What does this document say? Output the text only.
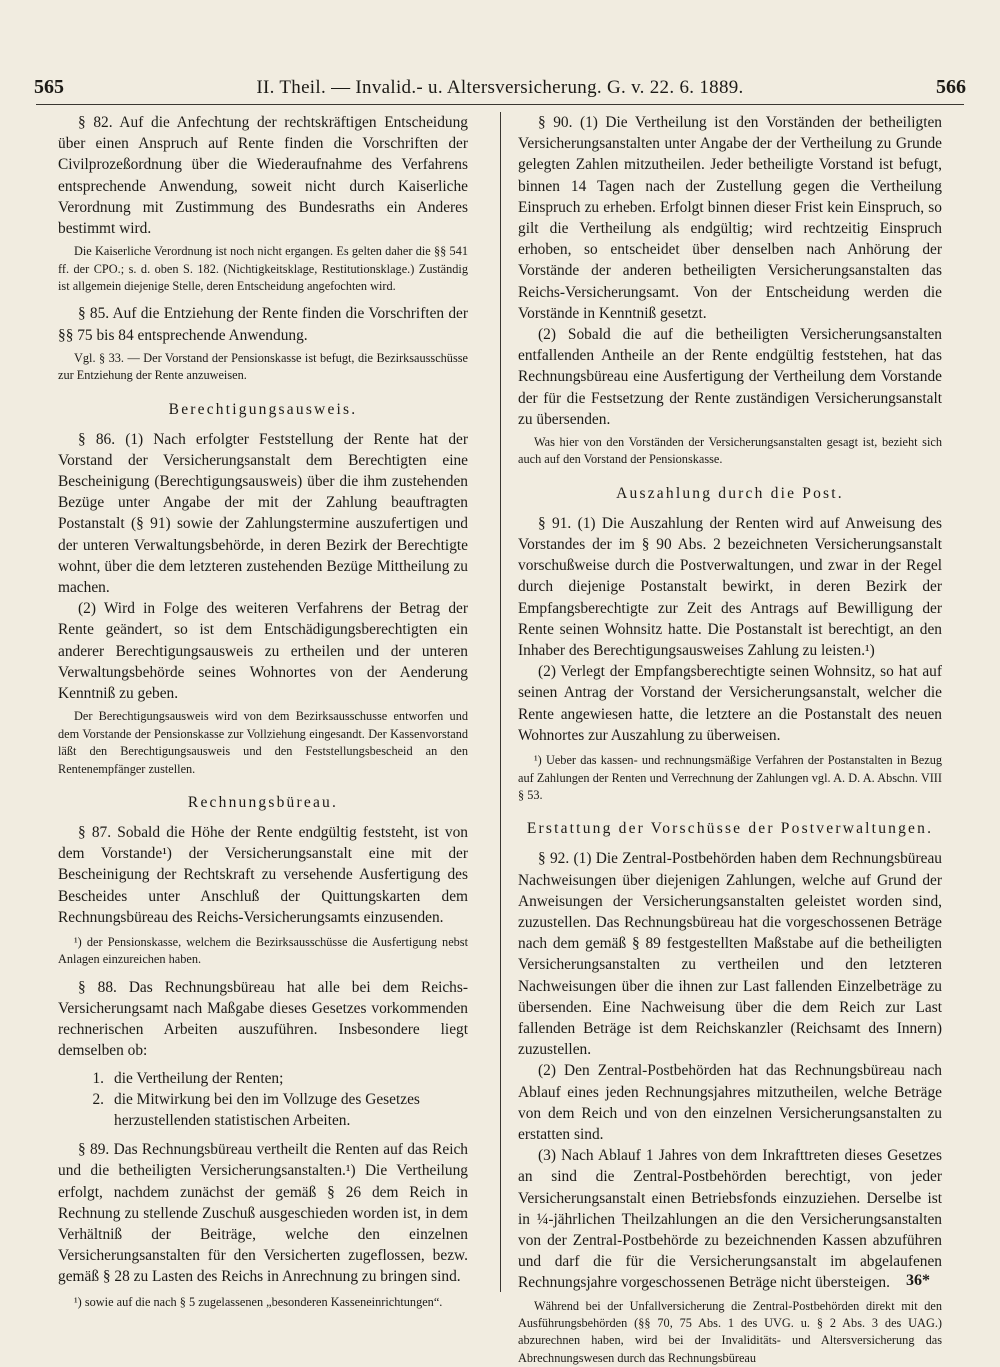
565	II. Theil. — Invalid.- u. Altersversicherung. G. v. 22. 6. 1889.	566

§ 82. Auf die Anfechtung der rechtskräftigen Entscheidung über einen Anspruch auf Rente finden die Vorschriften der Civilprozeßordnung über die Wiederaufnahme des Verfahrens entsprechende Anwendung, soweit nicht durch Kaiserliche Verordnung mit Zustimmung des Bundesraths ein Anderes bestimmt wird.

Die Kaiserliche Verordnung ist noch nicht ergangen. Es gelten daher die §§ 541 ff. der CPO.; s. d. oben S. 182. (Nichtigkeitsklage, Restitutionsklage.) Zuständig ist allgemein diejenige Stelle, deren Entscheidung angefochten wird.

§ 85. Auf die Entziehung der Rente finden die Vorschriften der §§ 75 bis 84 entsprechende Anwendung.

Vgl. § 33. — Der Vorstand der Pensionskasse ist befugt, die Bezirksausschüsse zur Entziehung der Rente anzuweisen.

Berechtigungsausweis.

§ 86. (1) Nach erfolgter Feststellung der Rente hat der Vorstand der Versicherungsanstalt dem Berechtigten eine Bescheinigung (Berechtigungsausweis) über die ihm zustehenden Bezüge unter Angabe der mit der Zahlung beauftragten Postanstalt (§ 91) sowie der Zahlungstermine auszufertigen und der unteren Verwaltungsbehörde, in deren Bezirk der Berechtigte wohnt, über die dem letzteren zustehenden Bezüge Mittheilung zu machen.

(2) Wird in Folge des weiteren Verfahrens der Betrag der Rente geändert, so ist dem Entschädigungsberechtigten ein anderer Berechtigungsausweis zu ertheilen und der unteren Verwaltungsbehörde seines Wohnortes von der Aenderung Kenntniß zu geben.

Der Berechtigungsausweis wird von dem Bezirksausschusse entworfen und dem Vorstande der Pensionskasse zur Vollziehung eingesandt. Der Kassenvorstand läßt den Berechtigungsausweis und den Feststellungsbescheid an den Rentenempfänger zustellen.

Rechnungsbüreau.

§ 87. Sobald die Höhe der Rente endgültig feststeht, ist von dem Vorstande¹) der Versicherungsanstalt eine mit der Bescheinigung der Rechtskraft zu versehende Ausfertigung des Bescheides unter Anschluß der Quittungskarten dem Rechnungsbüreau des Reichs-Versicherungsamts einzusenden.

¹) der Pensionskasse, welchem die Bezirksausschüsse die Ausfertigung nebst Anlagen einzureichen haben.

§ 88. Das Rechnungsbüreau hat alle bei dem Reichs-Versicherungsamt nach Maßgabe dieses Gesetzes vorkommenden rechnerischen Arbeiten auszuführen. Insbesondere liegt demselben ob:

1. die Vertheilung der Renten;
2. die Mitwirkung bei den im Vollzuge des Gesetzes herzustellenden statistischen Arbeiten.

§ 89. Das Rechnungsbüreau vertheilt die Renten auf das Reich und die betheiligten Versicherungsanstalten.¹) Die Vertheilung erfolgt, nachdem zunächst der gemäß § 26 dem Reich in Rechnung zu stellende Zuschuß ausgeschieden worden ist, in dem Verhältniß der Beiträge, welche den einzelnen Versicherungsanstalten für den Versicherten zugeflossen, bezw. gemäß § 28 zu Lasten des Reichs in Anrechnung zu bringen sind.

¹) sowie auf die nach § 5 zugelassenen „besonderen Kasseneinrichtungen“.

§ 90. (1) Die Vertheilung ist den Vorständen der betheiligten Versicherungsanstalten unter Angabe der der Vertheilung zu Grunde gelegten Zahlen mitzutheilen. Jeder betheiligte Vorstand ist befugt, binnen 14 Tagen nach der Zustellung gegen die Vertheilung Einspruch zu erheben. Erfolgt binnen dieser Frist kein Einspruch, so gilt die Vertheilung als endgültig; wird rechtzeitig Einspruch erhoben, so entscheidet über denselben nach Anhörung der Vorstände der anderen betheiligten Versicherungsanstalten das Reichs-Versicherungsamt. Von der Entscheidung werden die Vorstände in Kenntniß gesetzt.

(2) Sobald die auf die betheiligten Versicherungsanstalten entfallenden Antheile an der Rente endgültig feststehen, hat das Rechnungsbüreau eine Ausfertigung der Vertheilung dem Vorstande der für die Festsetzung der Rente zuständigen Versicherungsanstalt zu übersenden.

Was hier von den Vorständen der Versicherungsanstalten gesagt ist, bezieht sich auch auf den Vorstand der Pensionskasse.

Auszahlung durch die Post.

§ 91. (1) Die Auszahlung der Renten wird auf Anweisung des Vorstandes der im § 90 Abs. 2 bezeichneten Versicherungsanstalt vorschußweise durch die Postverwaltungen, und zwar in der Regel durch diejenige Postanstalt bewirkt, in deren Bezirk der Empfangsberechtigte zur Zeit des Antrags auf Bewilligung der Rente seinen Wohnsitz hatte. Die Postanstalt ist berechtigt, an den Inhaber des Berechtigungsausweises Zahlung zu leisten.¹)

(2) Verlegt der Empfangsberechtigte seinen Wohnsitz, so hat auf seinen Antrag der Vorstand der Versicherungsanstalt, welcher die Rente angewiesen hatte, die letztere an die Postanstalt des neuen Wohnortes zur Auszahlung zu überweisen.

¹) Ueber das kassen- und rechnungsmäßige Verfahren der Postanstalten in Bezug auf Zahlungen der Renten und Verrechnung der Zahlungen vgl. A. D. A. Abschn. VIII § 53.

Erstattung der Vorschüsse der Postverwaltungen.

§ 92. (1) Die Zentral-Postbehörden haben dem Rechnungsbüreau Nachweisungen über diejenigen Zahlungen, welche auf Grund der Anweisungen der Versicherungsanstalten geleistet worden sind, zuzustellen. Das Rechnungsbüreau hat die vorgeschossenen Beträge nach dem gemäß § 89 festgestellten Maßstabe auf die betheiligten Versicherungsanstalten zu vertheilen und den letzteren Nachweisungen über die ihnen zur Last fallenden Einzelbeträge zu übersenden. Eine Nachweisung über die dem Reich zur Last fallenden Beträge ist dem Reichskanzler (Reichsamt des Innern) zuzustellen.

(2) Den Zentral-Postbehörden hat das Rechnungsbüreau nach Ablauf eines jeden Rechnungsjahres mitzutheilen, welche Beträge von dem Reich und von den einzelnen Versicherungsanstalten zu erstatten sind.

(3) Nach Ablauf 1 Jahres von dem Inkrafttreten dieses Gesetzes an sind die Zentral-Postbehörden berechtigt, von jeder Versicherungsanstalt einen Betriebsfonds einzuziehen. Derselbe ist in ¼-jährlichen Theilzahlungen an die den Versicherungsanstalten von der Zentral-Postbehörde zu bezeichnenden Kassen abzuführen und darf die für die Versicherungsanstalt im abgelaufenen Rechnungsjahre vorgeschossenen Beträge nicht übersteigen.

Während bei der Unfallversicherung die Zentral-Postbehörden direkt mit den Ausführungsbehörden (§§ 70, 75 Abs. 1 des UVG. u. § 2 Abs. 3 des UAG.) abzurechnen haben, wird bei der Invaliditäts- und Altersversicherung das Abrechnungswesen durch das Rechnungsbüreau

36*
